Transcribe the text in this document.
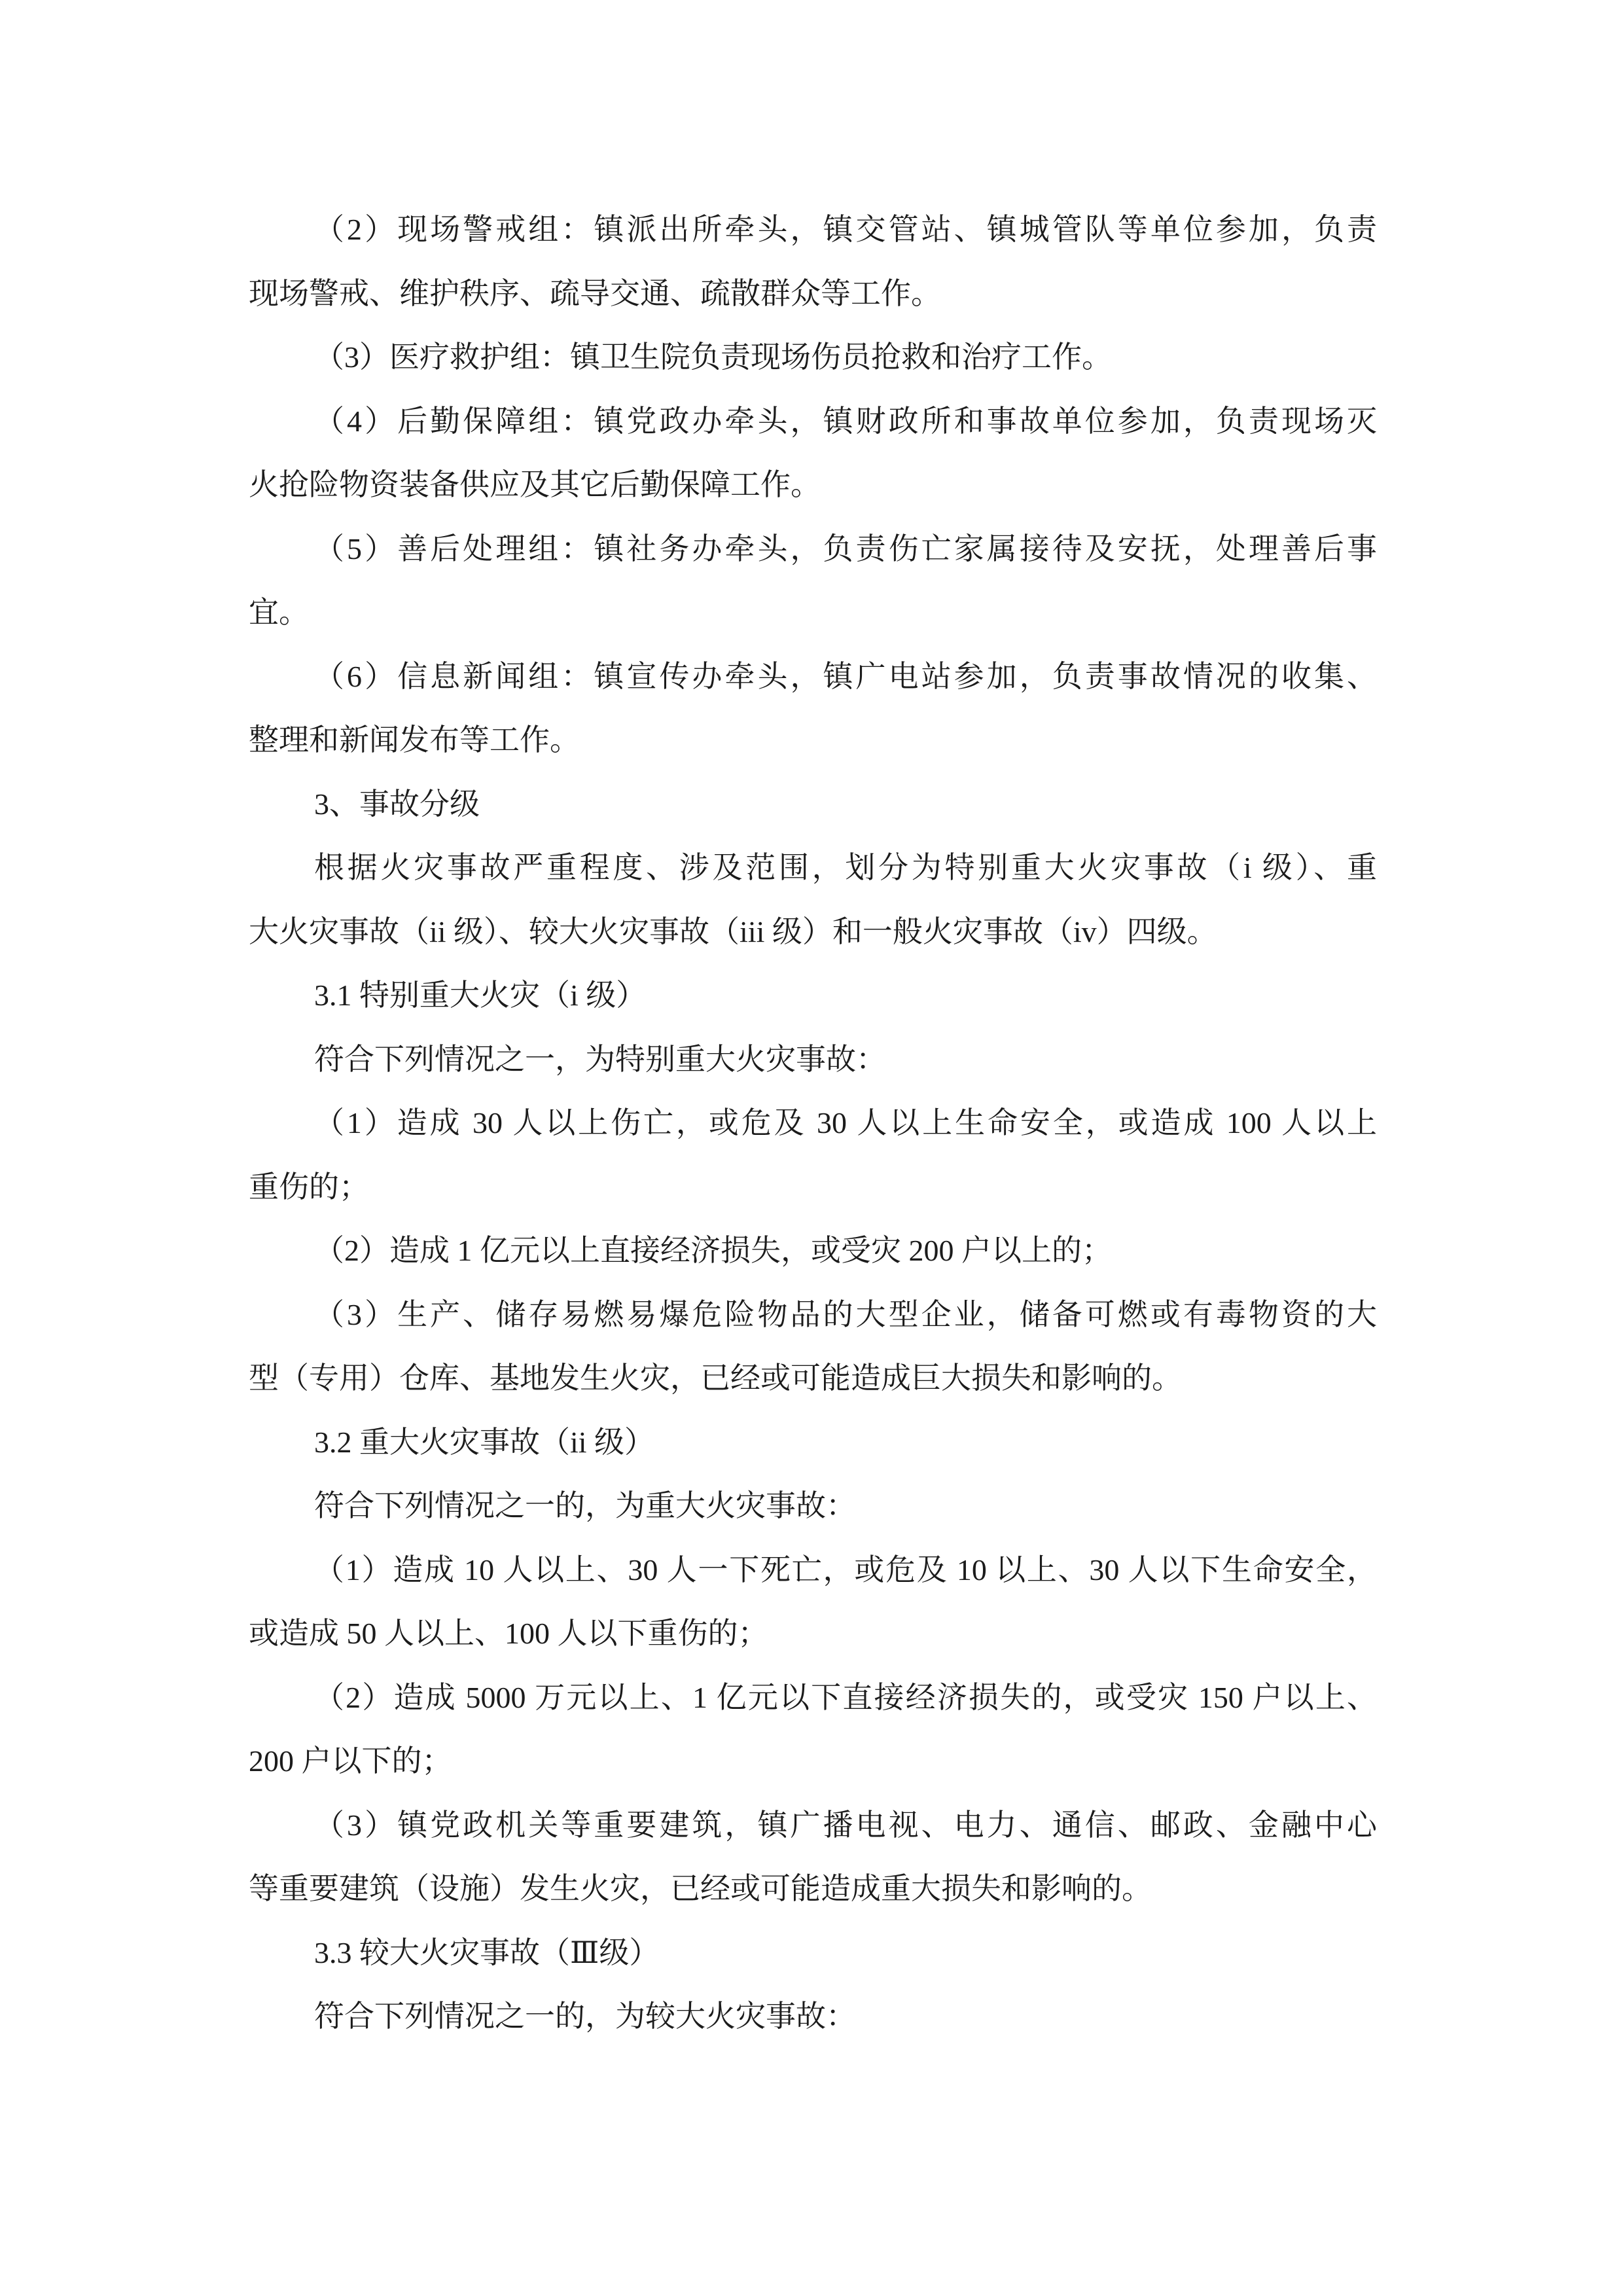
（2）现场警戒组：镇派出所牵头，镇交管站、镇城管队等单位参加，负责
现场警戒、维护秩序、疏导交通、疏散群众等工作。
（3）医疗救护组：镇卫生院负责现场伤员抢救和治疗工作。
（4）后勤保障组：镇党政办牵头，镇财政所和事故单位参加，负责现场灭
火抢险物资装备供应及其它后勤保障工作。
（5）善后处理组：镇社务办牵头，负责伤亡家属接待及安抚，处理善后事
宜。
（6）信息新闻组：镇宣传办牵头，镇广电站参加，负责事故情况的收集、
整理和新闻发布等工作。
3、事故分级
根据火灾事故严重程度、涉及范围，划分为特别重大火灾事故（i 级）、重
大火灾事故（ii 级）、较大火灾事故（iii 级）和一般火灾事故（iv）四级。
3.1 特别重大火灾（i 级）
符合下列情况之一，为特别重大火灾事故：
（1）造成 30 人以上伤亡，或危及 30 人以上生命安全，或造成 100 人以上
重伤的；
（2）造成 1 亿元以上直接经济损失，或受灾 200 户以上的；
（3）生产、储存易燃易爆危险物品的大型企业，储备可燃或有毒物资的大
型（专用）仓库、基地发生火灾，已经或可能造成巨大损失和影响的。
3.2 重大火灾事故（ii 级）
符合下列情况之一的，为重大火灾事故：
（1）造成 10 人以上、30 人一下死亡，或危及 10 以上、30 人以下生命安全，
或造成 50 人以上、100 人以下重伤的；
（2）造成 5000 万元以上、1 亿元以下直接经济损失的，或受灾 150 户以上、
200 户以下的；
（3）镇党政机关等重要建筑，镇广播电视、电力、通信、邮政、金融中心
等重要建筑（设施）发生火灾，已经或可能造成重大损失和影响的。
3.3 较大火灾事故（Ⅲ级）
符合下列情况之一的，为较大火灾事故：
